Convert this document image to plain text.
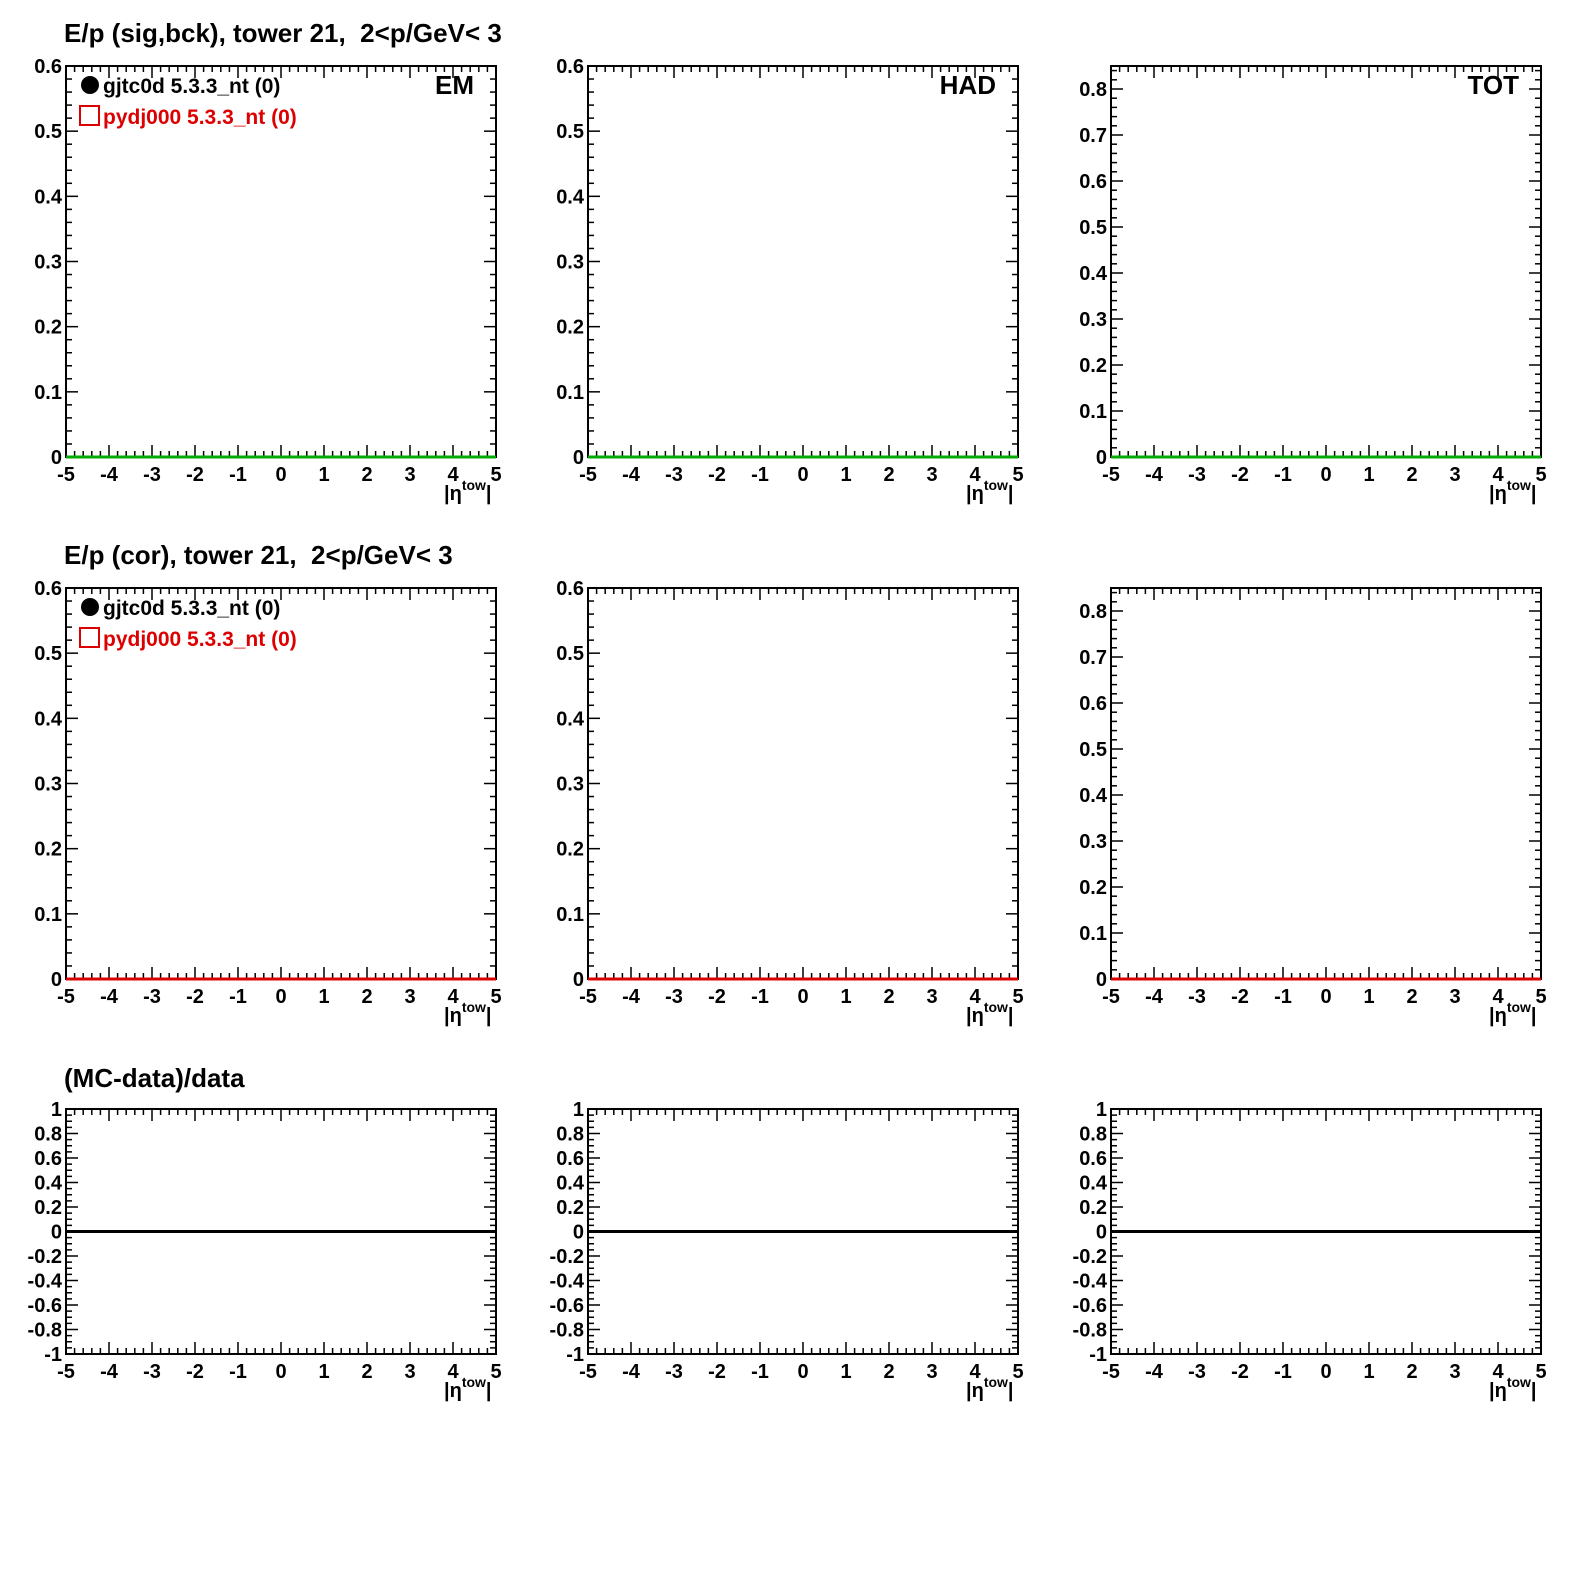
E/p (sig,bck), tower 21,  2<p/GeV< 3
E/p (cor), tower 21,  2<p/GeV< 3
(MC-data)/data
-5 -4 -3 -2 -1 0 1 2 3 4 5
$|\eta^{tow}|$
0
0.1
0.2
0.3
0.4
0.5
0.6
EM
gjtc0d 5.3.3_nt (0)
pydj000 5.3.3_nt (0)
-5 -4 -3 -2 -1 0 1 2 3 4 5
$|\eta^{tow}|$
0
0.1
0.2
0.3
0.4
0.5
0.6
HAD
-5 -4 -3 -2 -1 0 1 2 3 4 5
$|\eta^{tow}|$
0
0.1
0.2
0.3
0.4
0.5
0.6
0.7
0.8	TOT
-5 -4 -3 -2 -1 0 1 2 3 4 5
$|\eta^{tow}|$
0
0.1
0.2
0.3
0.4
0.5
0.6
gjtc0d 5.3.3_nt (0)
pydj000 5.3.3_nt (0)
-5 -4 -3 -2 -1 0 1 2 3 4 5
$|\eta^{tow}|$
0
0.1
0.2
0.3
0.4
0.5
0.6
-5 -4 -3 -2 -1 0 1 2 3 4 5
$|\eta^{tow}|$
0
0.1
0.2
0.3
0.4
0.5
0.6
0.7
0.8
-5 -4 -3 -2 -1 0 1 2 3 4 5
$|\eta^{tow}|$
-1
-0.8
-0.6
-0.4
-0.2
0
0.2
0.4
0.6
0.8
1
-5 -4 -3 -2 -1 0 1 2 3 4 5
$|\eta^{tow}|$
-1
-0.8
-0.6
-0.4
-0.2
0
0.2
0.4
0.6
0.8
1
-5 -4 -3 -2 -1 0 1 2 3 4 5
$|\eta^{tow}|$
-1
-0.8
-0.6
-0.4
-0.2
0
0.2
0.4
0.6
0.8
1
